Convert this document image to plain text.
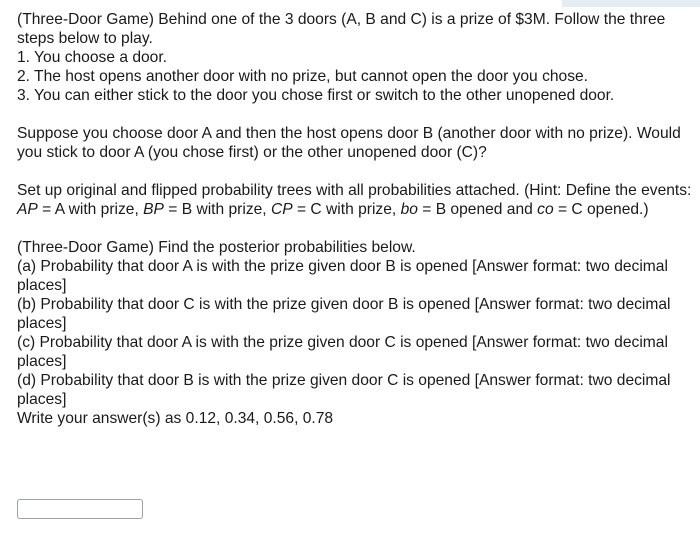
(Three-Door Game) Behind one of the 3 doors (A, B and C) is a prize of $3M. Follow the three steps below to play.

1. You choose a door.

2. The host opens another door with no prize, but cannot open the door you chose.

3. You can either stick to the door you chose first or switch to the other unopened door.

Suppose you choose door A and then the host opens door B (another door with no prize). Would you stick to door A (you chose first) or the other unopened door (C)?

Set up original and flipped probability trees with all probabilities attached. (Hint: Define the events: AP = A with prize, BP = B with prize, CP = C with prize, bo = B opened and co = C opened.)

(Three-Door Game) Find the posterior probabilities below.

(a) Probability that door A is with the prize given door B is opened [Answer format: two decimal places]

(b) Probability that door C is with the prize given door B is opened [Answer format: two decimal places]

(c) Probability that door A is with the prize given door C is opened [Answer format: two decimal places]

(d) Probability that door B is with the prize given door C is opened [Answer format: two decimal places]

Write your answer(s) as 0.12, 0.34, 0.56, 0.78
